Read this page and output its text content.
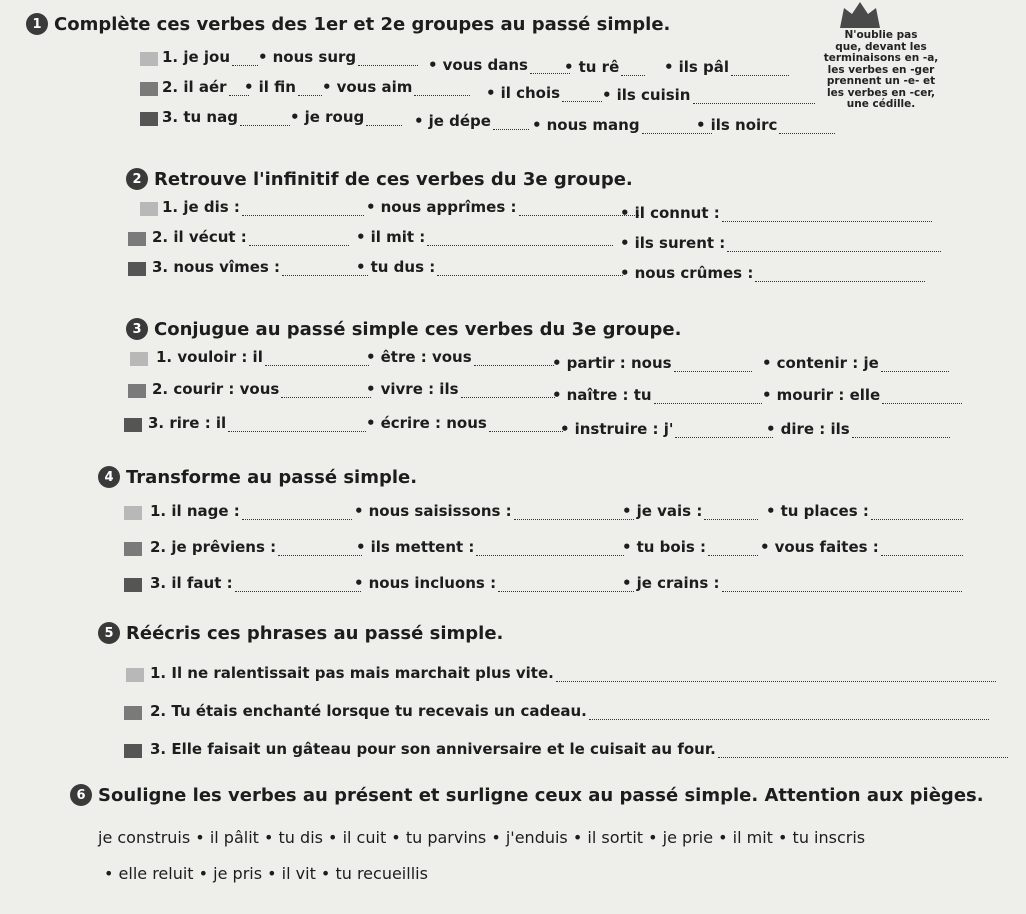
N'oublie pas
que, devant les
terminaisons en -a,
les verbes en -ger
prennent un -e- et
les verbes en -cer,
une cédille.
1 Complète ces verbes des 1er et 2e groupes au passé simple.
1. je jou • nous surg	• vous dans • tu rê	• ils pâl
2. il aér • il fin • vous aim	• il chois	• ils cuisin
3. tu nag	• je roug	• je dépe	• nous mang	• ils noirc
2 Retrouve l'infinitif de ces verbes du 3e groupe.
1. je dis :	• nous apprîmes :	• il connut :
2. il vécut :	• il mit :	• ils surent :
3. nous vîmes :	• tu dus :	• nous crûmes :
3 Conjugue au passé simple ces verbes du 3e groupe.
1. vouloir : il	• être : vous	• partir : nous	• contenir : je
2. courir : vous	• vivre : ils	• naître : tu	• mourir : elle
3. rire : il	• écrire : nous	• instruire : j'	• dire : ils
4 Transforme au passé simple.
1. il nage :	• nous saisissons :	• je vais :	• tu places :
2. je prêviens :	• ils mettent :	• tu bois :	• vous faites :
3. il faut :	• nous incluons :	• je crains :
5 Réécris ces phrases au passé simple.
1. Il ne ralentissait pas mais marchait plus vite.
2. Tu étais enchanté lorsque tu recevais un cadeau.
3. Elle faisait un gâteau pour son anniversaire et le cuisait au four.
6 Souligne les verbes au présent et surligne ceux au passé simple. Attention aux pièges.
je construis • il pâlit • tu dis • il cuit • tu parvins • j'enduis • il sortit • je prie • il mit • tu inscris
• elle reluit • je pris • il vit • tu recueillis
